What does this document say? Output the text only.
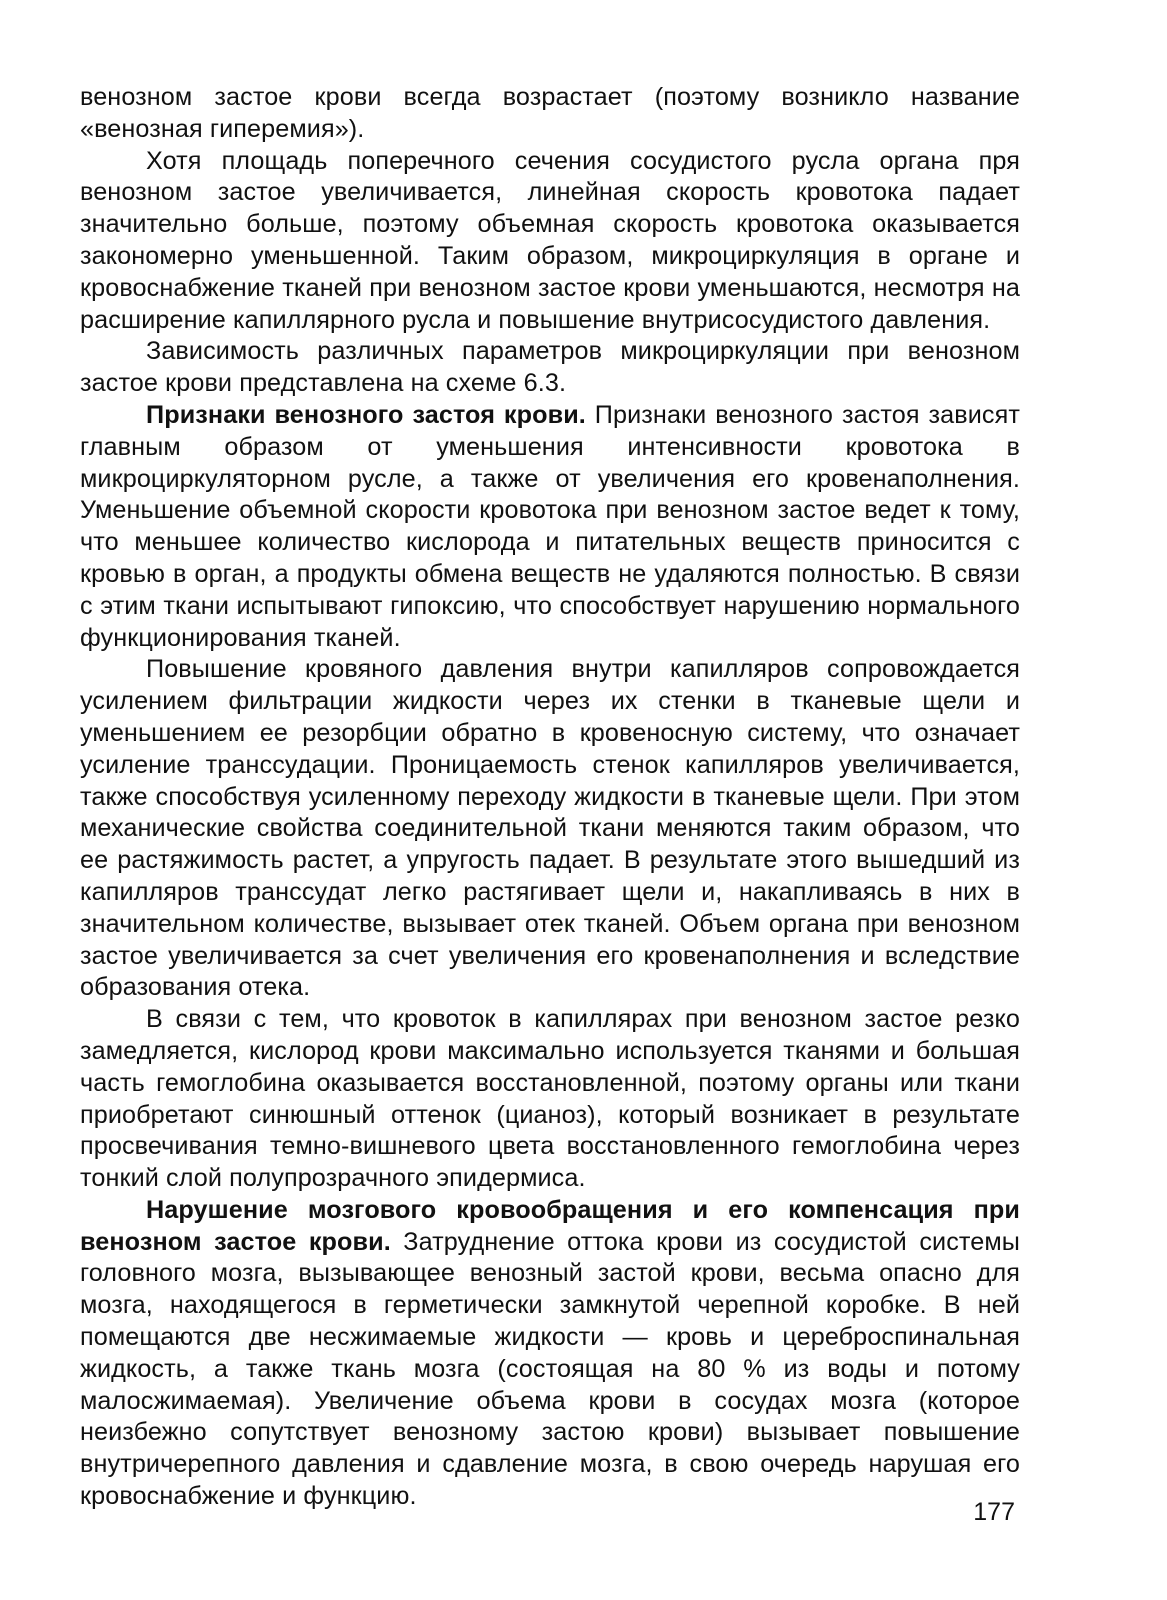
венозном застое крови всегда возрастает (поэтому возникло название «венозная гиперемия»).

Хотя площадь поперечного сечения сосудистого русла органа пря венозном застое увеличивается, линейная скорость кровотока падает значительно больше, поэтому объемная скорость кровотока оказывается закономерно уменьшенной. Таким образом, микроциркуляция в органе и кровоснабжение тканей при венозном застое крови уменьшаются, несмотря на расширение капиллярного русла и повышение внутрисосудистого давления.

Зависимость различных параметров микроциркуляции при венозном застое крови представлена на схеме 6.3.

Признаки венозного застоя крови. Признаки венозного застоя зависят главным образом от уменьшения интенсивности кровотока в микроциркуляторном русле, а также от увеличения его кровенаполнения. Уменьшение объемной скорости кровотока при венозном застое ведет к тому, что меньшее количество кислорода и питательных веществ приносится с кровью в орган, а продукты обмена веществ не удаляются полностью. В связи с этим ткани испытывают гипоксию, что способствует нарушению нормального функционирования тканей.

Повышение кровяного давления внутри капилляров сопровождается усилением фильтрации жидкости через их стенки в тканевые щели и уменьшением ее резорбции обратно в кровеносную систему, что означает усиление транссудации. Проницаемость стенок капилляров увеличивается, также способствуя усиленному переходу жидкости в тканевые щели. При этом механические свойства соединительной ткани меняются таким образом, что ее растяжимость растет, а упругость падает. В результате этого вышедший из капилляров транссудат легко растягивает щели и, накапливаясь в них в значительном количестве, вызывает отек тканей. Объем органа при венозном застое увеличивается за счет увеличения его кровенаполнения и вследствие образования отека.

В связи с тем, что кровоток в капиллярах при венозном застое резко замедляется, кислород крови максимально используется тканями и большая часть гемоглобина оказывается восстановленной, поэтому органы или ткани приобретают синюшный оттенок (цианоз), который возникает в результате просвечивания темно-вишневого цвета восстановленного гемоглобина через тонкий слой полупрозрачного эпидермиса.

Нарушение мозгового кровообращения и его компенсация при венозном застое крови. Затруднение оттока крови из сосудистой системы головного мозга, вызывающее венозный застой крови, весьма опасно для мозга, находящегося в герметически замкнутой черепной коробке. В ней помещаются две несжимаемые жидкости — кровь и цереброспинальная жидкость, а также ткань мозга (состоящая на 80 % из воды и потому малосжимаемая). Увеличение объема крови в сосудах мозга (которое неизбежно сопутствует венозному застою крови) вызывает повышение внутричерепного давления и сдавление мозга, в свою очередь нарушая его кровоснабжение и функцию.

177
